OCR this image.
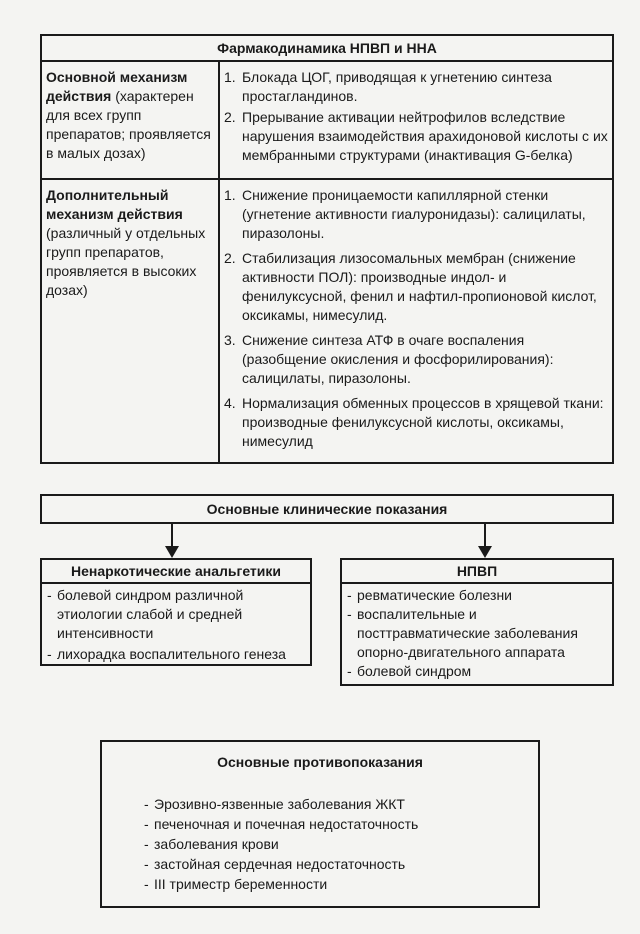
Фармакодинамика НПВП и ННА

Основной механизм действия (характерен для всех групп препаратов; проявляется в малых дозах)

1. Блокада ЦОГ, приводящая к угнетению синтеза простагландинов.
2. Прерывание активации нейтрофилов вследствие нарушения взаимодействия арахидоновой кислоты с их мембранными структурами (инактивация G-белка)

Дополнительный механизм действия (различный у отдельных групп препаратов, проявляется в высоких дозах)

1. Снижение проницаемости капиллярной стенки (угнетение активности гиалуронидазы): салицилаты, пиразолоны.
2. Стабилизация лизосомальных мембран (снижение активности ПОЛ): производные индол- и фенилуксусной, фенил и нафтил-пропионовой кислот, оксикамы, нимесулид.
3. Снижение синтеза АТФ в очаге воспаления (разобщение окисления и фосфорилирования): салицилаты, пиразолоны.
4. Нормализация обменных процессов в хрящевой ткани: производные фенилуксусной кислоты, оксикамы, нимесулид
Основные клинические показания
Ненаркотические анальгетики
- болевой синдром различной этиологии слабой и средней интенсивности
- лихорадка воспалительного генеза
НПВП
- ревматические болезни
- воспалительные и посттравматические заболевания опорно-двигательного аппарата
- болевой синдром
Основные противопоказания
- Эрозивно-язвенные заболевания ЖКТ
- печеночная и почечная недостаточность
- заболевания крови
- застойная сердечная недостаточность
- III триместр беременности
